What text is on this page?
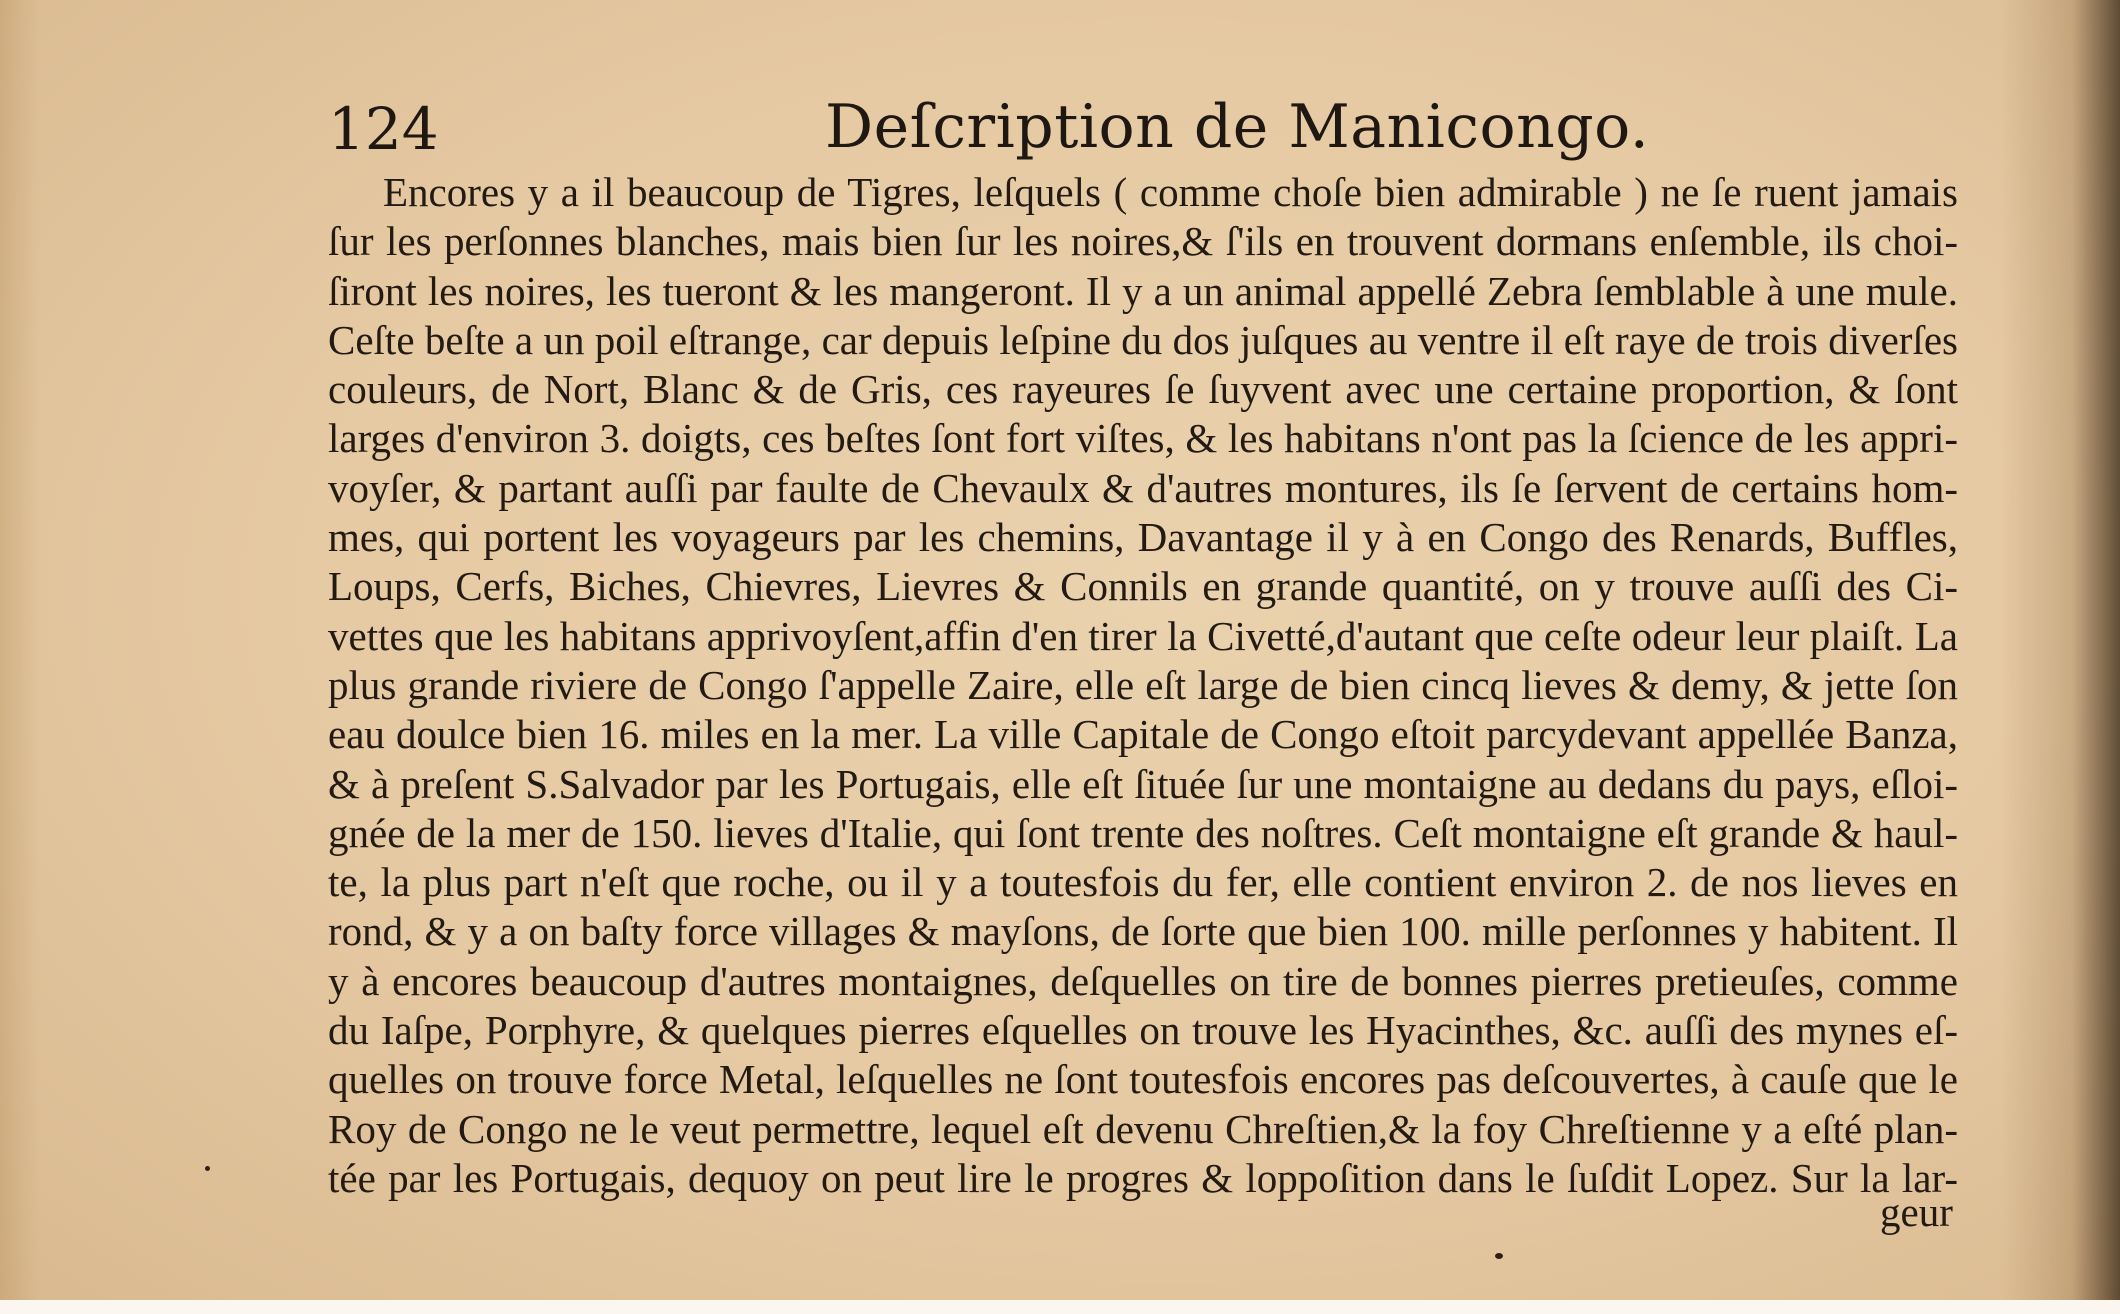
124	Deſcription de Manicongo.
Encores y a il beaucoup de Tigres, leſquels ( comme choſe bien admirable ) ne ſe ruent jamais
ſur les perſonnes blanches, mais bien ſur les noires,& ſ'ils en trouvent dormans enſemble, ils choi-
ſiront les noires, les tueront & les mangeront. Il y a un animal appellé Zebra ſemblable à une mule.
Ceſte beſte a un poil eſtrange, car depuis leſpine du dos juſques au ventre il eſt raye de trois diverſes
couleurs, de Nort, Blanc & de Gris, ces rayeures ſe ſuyvent avec une certaine proportion, & ſont
larges d'environ 3. doigts, ces beſtes ſont fort viſtes, & les habitans n'ont pas la ſcience de les appri-
voyſer, & partant auſſi par faulte de Chevaulx & d'autres montures, ils ſe ſervent de certains hom-
mes, qui portent les voyageurs par les chemins, Davantage il y à en Congo des Renards, Buffles,
Loups, Cerfs, Biches, Chievres, Lievres & Connils en grande quantité, on y trouve auſſi des Ci-
vettes que les habitans apprivoyſent,affin d'en tirer la Civetté,d'autant que ceſte odeur leur plaiſt. La
plus grande riviere de Congo ſ'appelle Zaire, elle eſt large de bien cincq lieves & demy, & jette ſon
eau doulce bien 16. miles en la mer. La ville Capitale de Congo eſtoit parcydevant appellée Banza,
& à preſent S.Salvador par les Portugais, elle eſt ſituée ſur une montaigne au dedans du pays, eſloi-
gnée de la mer de 150. lieves d'Italie, qui ſont trente des noſtres. Ceſt montaigne eſt grande & haul-
te, la plus part n'eſt que roche, ou il y a toutesfois du fer, elle contient environ 2. de nos lieves en
rond, & y a on baſty force villages & mayſons, de ſorte que bien 100. mille perſonnes y habitent. Il
y à encores beaucoup d'autres montaignes, deſquelles on tire de bonnes pierres pretieuſes, comme
du Iaſpe, Porphyre, & quelques pierres eſquelles on trouve les Hyacinthes, &c. auſſi des mynes eſ-
quelles on trouve force Metal, leſquelles ne ſont toutesfois encores pas deſcouvertes, à cauſe que le
Roy de Congo ne le veut permettre, lequel eſt devenu Chreſtien,& la foy Chreſtienne y a eſté plan-
tée par les Portugais, dequoy on peut lire le progres & loppoſition dans le ſuſdit Lopez. Sur la lar-
geur
